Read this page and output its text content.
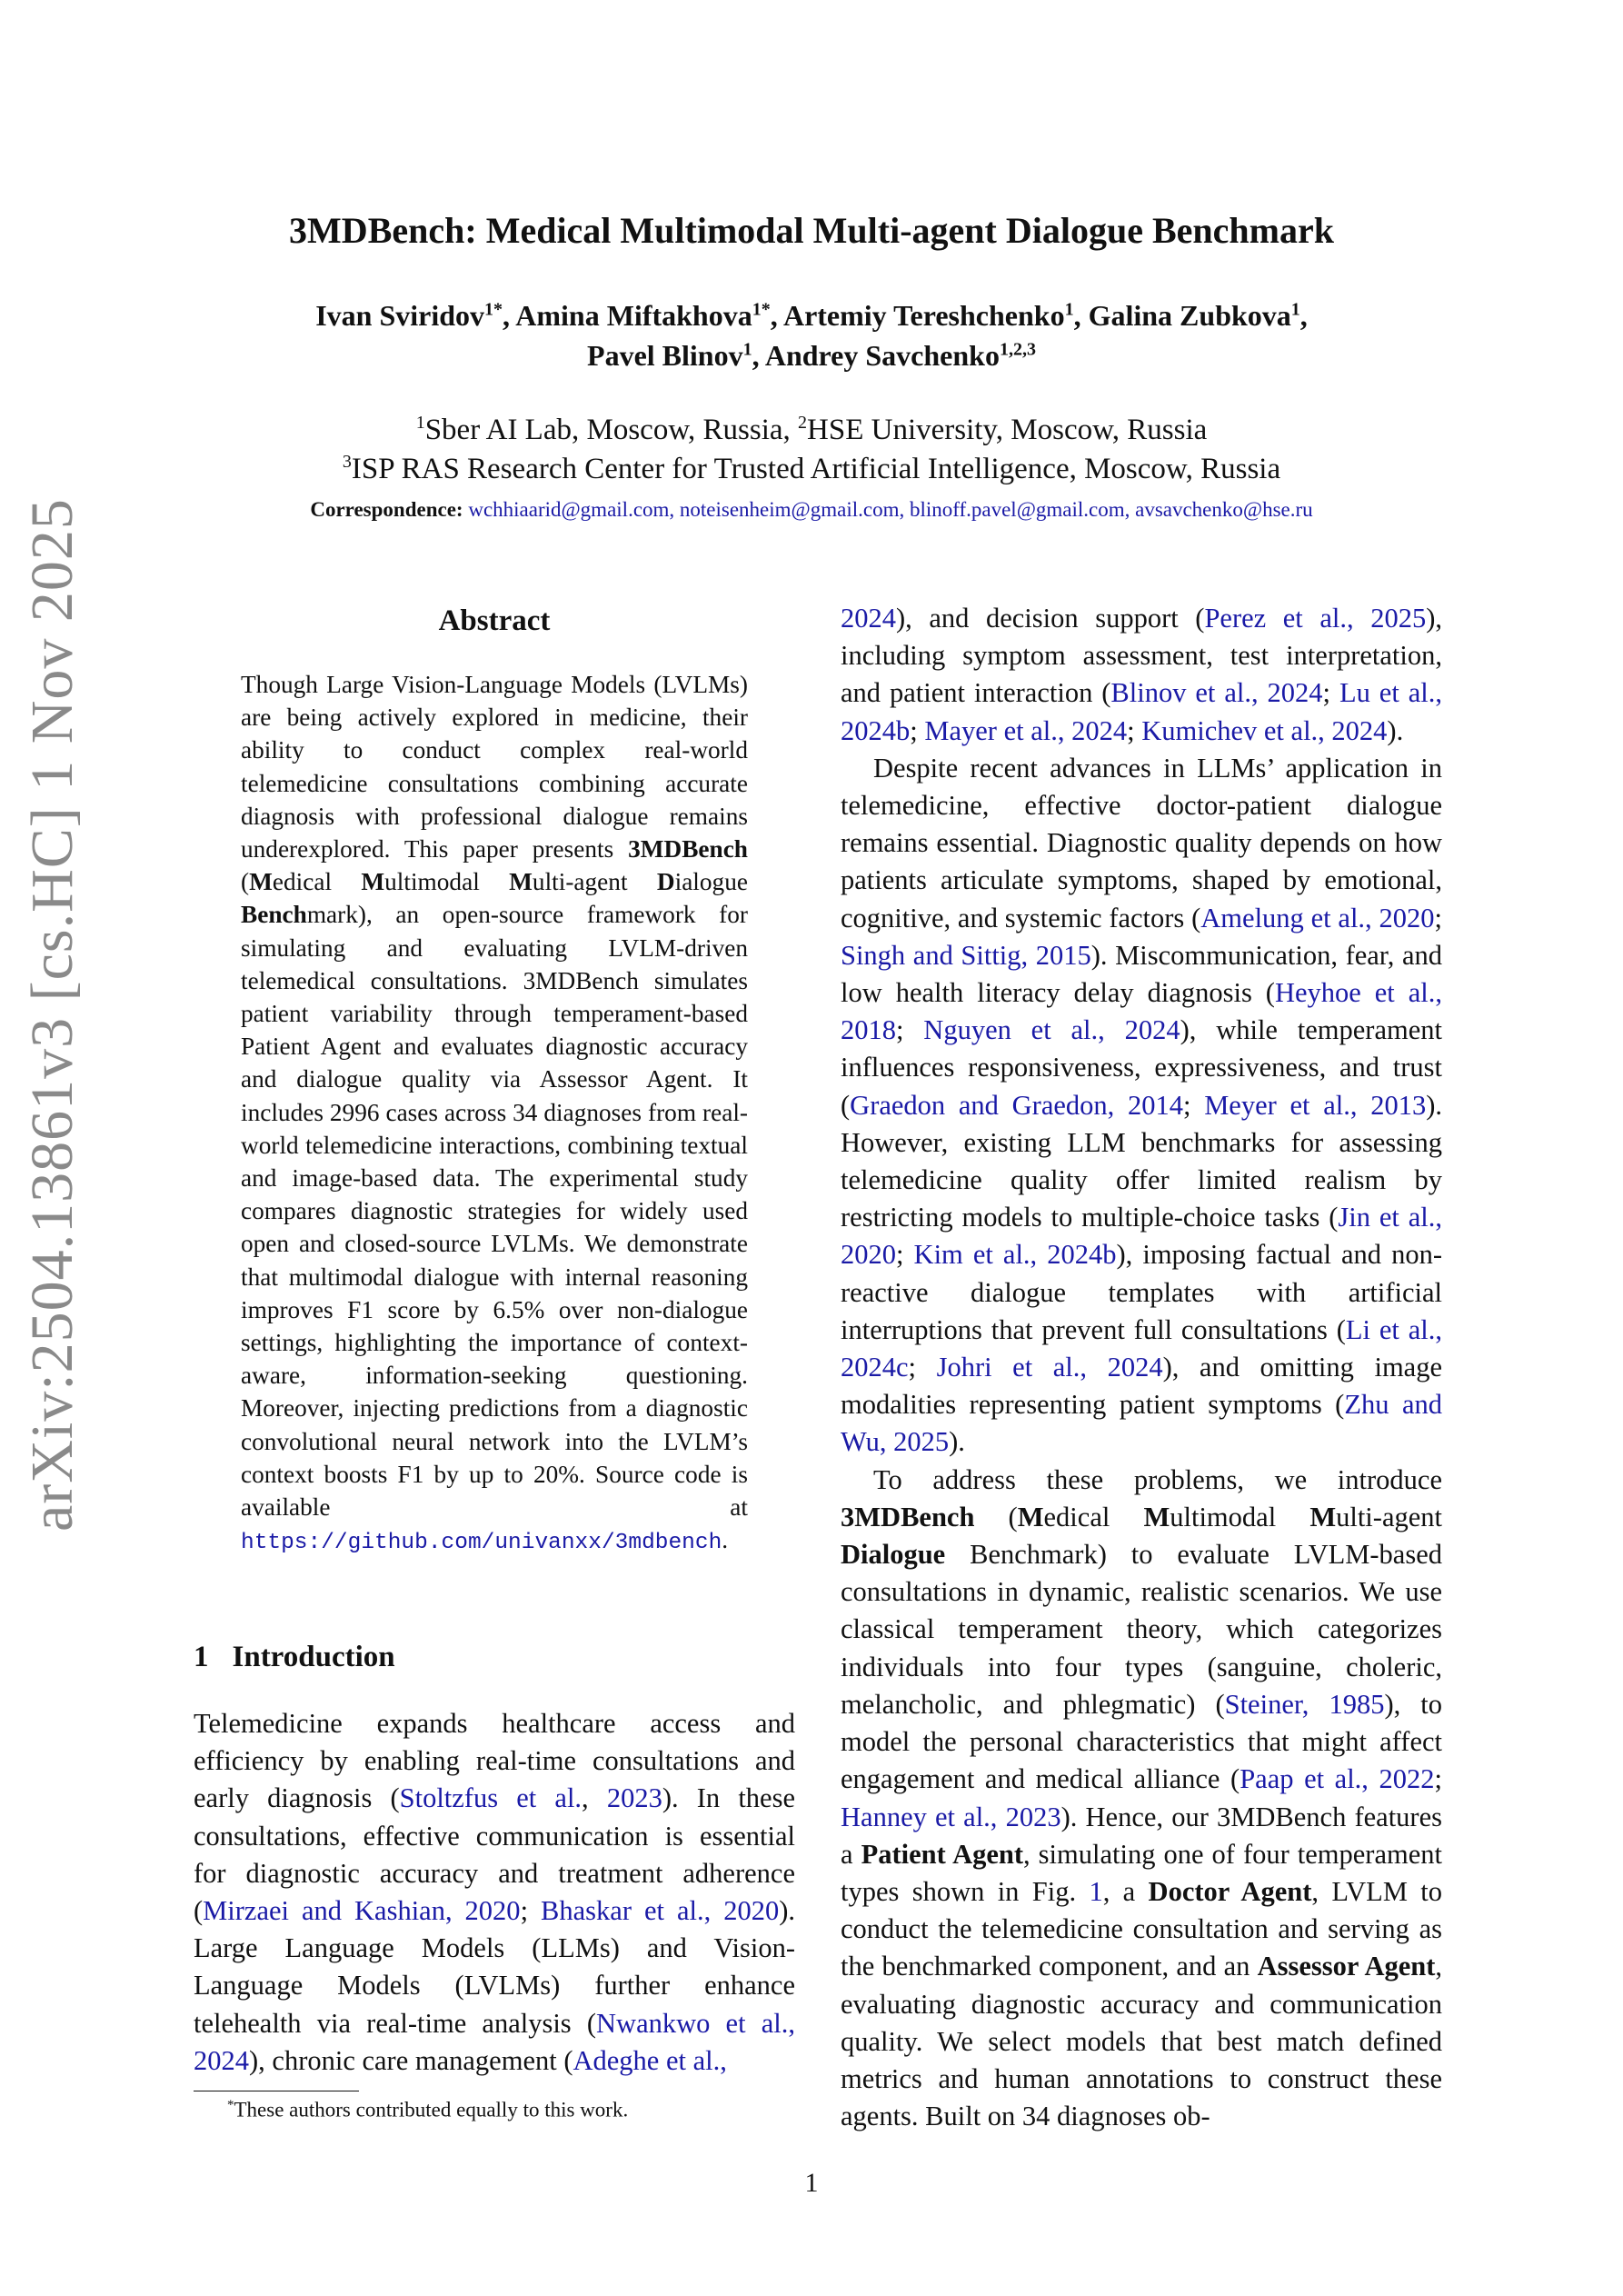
arXiv:2504.13861v3 [cs.HC] 1 Nov 2025
3MDBench: Medical Multimodal Multi-agent Dialogue Benchmark
Ivan Sviridov$^{1*}$, Amina Miftakhova$^{1*}$, Artemiy Tereshchenko$^1$, Galina Zubkova$^1$,
Pavel Blinov$^1$, Andrey Savchenko$^{1,2,3}$
$^1$Sber AI Lab, Moscow, Russia, $^2$HSE University, Moscow, Russia
$^3$ISP RAS Research Center for Trusted Artificial Intelligence, Moscow, Russia
Correspondence: wchhiaarid@gmail.com, noteisenheim@gmail.com, blinoff.pavel@gmail.com, avsavchenko@hse.ru
Abstract
Though Large Vision-Language Models (LVLMs) are being actively explored in medicine, their ability to conduct complex real-world telemedicine consultations combining accurate diagnosis with professional dialogue remains underexplored. This paper presents 3MDBench (Medical Multimodal Multi-agent Dialogue Benchmark), an open-source framework for simulating and evaluating LVLM-driven telemedical consultations. 3MDBench simulates patient variability through temperament-based Patient Agent and evaluates diagnostic accuracy and dialogue quality via Assessor Agent. It includes 2996 cases across 34 diagnoses from real-world telemedicine interactions, combining textual and image-based data. The experimental study compares diagnostic strategies for widely used open and closed-source LVLMs. We demonstrate that multimodal dialogue with internal reasoning improves F1 score by 6.5% over non-dialogue settings, highlighting the importance of context-aware, information-seeking questioning. Moreover, injecting predictions from a diagnostic convolutional neural network into the LVLM’s context boosts F1 by up to 20%. Source code is available at https://github.com/univanxx/3mdbench.
1 Introduction
Telemedicine expands healthcare access and efficiency by enabling real-time consultations and early diagnosis (Stoltzfus et al., 2023). In these consultations, effective communication is essential for diagnostic accuracy and treatment adherence (Mirzaei and Kashian, 2020; Bhaskar et al., 2020). Large Language Models (LLMs) and Vision-Language Models (LVLMs) further enhance telehealth via real-time analysis (Nwankwo et al., 2024), chronic care management (Adeghe et al.,
*These authors contributed equally to this work.

2024), and decision support (Perez et al., 2025), including symptom assessment, test interpretation, and patient interaction (Blinov et al., 2024; Lu et al., 2024b; Mayer et al., 2024; Kumichev et al., 2024).

Despite recent advances in LLMs’ application in telemedicine, effective doctor-patient dialogue remains essential. Diagnostic quality depends on how patients articulate symptoms, shaped by emotional, cognitive, and systemic factors (Amelung et al., 2020; Singh and Sittig, 2015). Miscommunication, fear, and low health literacy delay diagnosis (Heyhoe et al., 2018; Nguyen et al., 2024), while temperament influences responsiveness, expressiveness, and trust (Graedon and Graedon, 2014; Meyer et al., 2013). However, existing LLM benchmarks for assessing telemedicine quality offer limited realism by restricting models to multiple-choice tasks (Jin et al., 2020; Kim et al., 2024b), imposing factual and non-reactive dialogue templates with artificial interruptions that prevent full consultations (Li et al., 2024c; Johri et al., 2024), and omitting image modalities representing patient symptoms (Zhu and Wu, 2025).

To address these problems, we introduce 3MDBench (Medical Multimodal Multi-agent Dialogue Benchmark) to evaluate LVLM-based consultations in dynamic, realistic scenarios. We use classical temperament theory, which categorizes individuals into four types (sanguine, choleric, melancholic, and phlegmatic) (Steiner, 1985), to model the personal characteristics that might affect engagement and medical alliance (Paap et al., 2022; Hanney et al., 2023). Hence, our 3MDBench features a Patient Agent, simulating one of four temperament types shown in Fig. 1, a Doctor Agent, LVLM to conduct the telemedicine consultation and serving as the benchmarked component, and an Assessor Agent, evaluating diagnostic accuracy and communication quality. We select models that best match defined metrics and human annotations to construct these agents. Built on 34 diagnoses ob-

1
